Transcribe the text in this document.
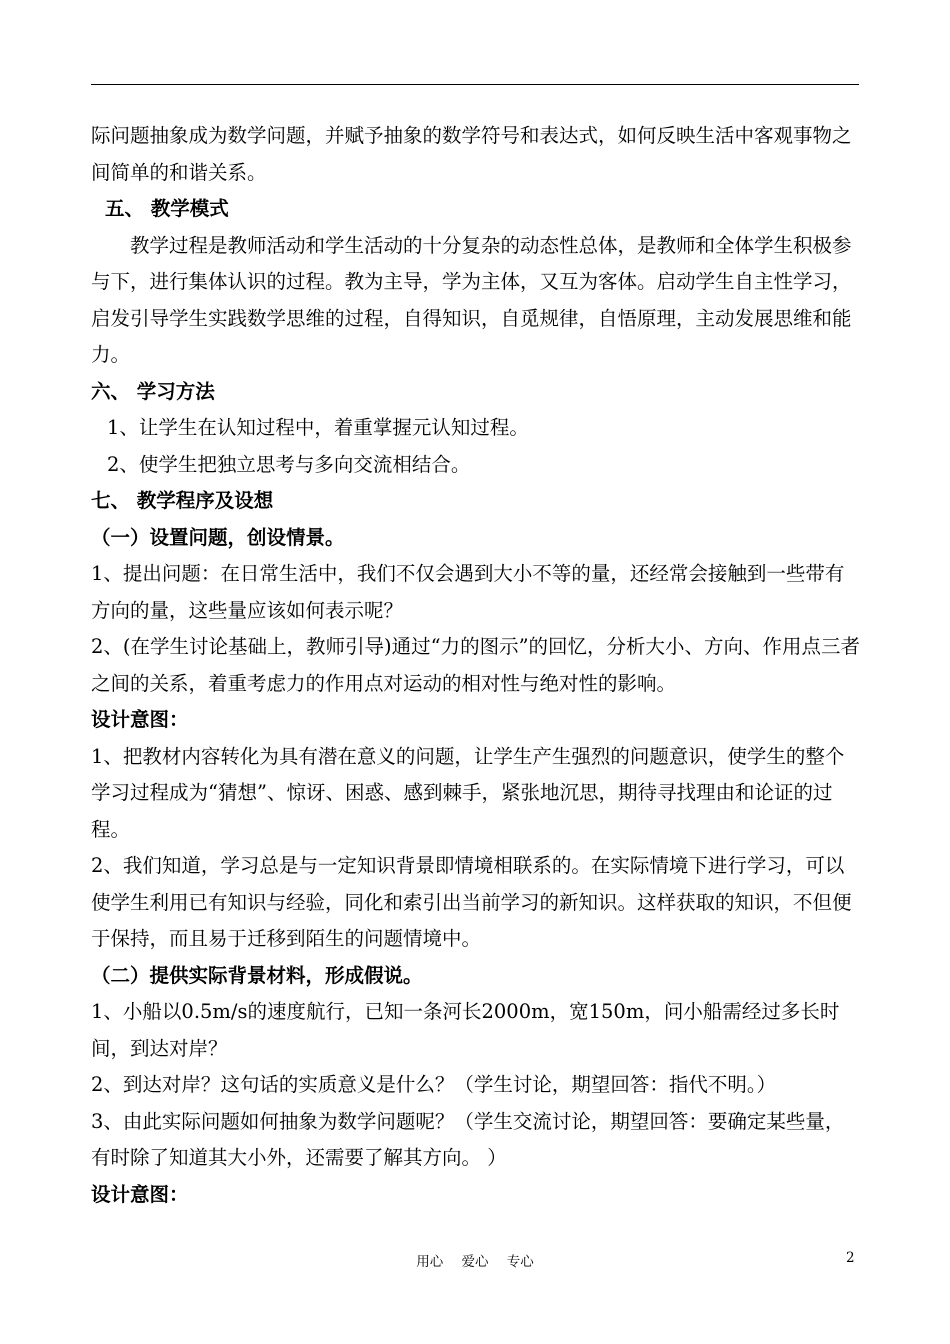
际问题抽象成为数学问题，并赋予抽象的数学符号和表达式，如何反映生活中客观事物之间简单的和谐关系。

五、 教学模式

教学过程是教师活动和学生活动的十分复杂的动态性总体，是教师和全体学生积极参与下，进行集体认识的过程。教为主导，学为主体，又互为客体。启动学生自主性学习，启发引导学生实践数学思维的过程，自得知识，自觅规律，自悟原理，主动发展思维和能力。

六、 学习方法

1、让学生在认知过程中，着重掌握元认知过程。

2、使学生把独立思考与多向交流相结合。

七、 教学程序及设想

（一）设置问题，创设情景。

1、提出问题：在日常生活中，我们不仅会遇到大小不等的量，还经常会接触到一些带有方向的量，这些量应该如何表示呢？

2、(在学生讨论基础上，教师引导)通过“力的图示”的回忆，分析大小、方向、作用点三者之间的关系，着重考虑力的作用点对运动的相对性与绝对性的影响。

设计意图：

1、把教材内容转化为具有潜在意义的问题，让学生产生强烈的问题意识，使学生的整个学习过程成为“猜想”、惊讶、困惑、感到棘手，紧张地沉思，期待寻找理由和论证的过程。

2、我们知道，学习总是与一定知识背景即情境相联系的。在实际情境下进行学习，可以使学生利用已有知识与经验，同化和索引出当前学习的新知识。这样获取的知识，不但便于保持，而且易于迁移到陌生的问题情境中。

（二）提供实际背景材料，形成假说。

1、小船以0.5m/s的速度航行，已知一条河长2000m，宽150m，问小船需经过多长时间，到达对岸？

2、到达对岸？这句话的实质意义是什么？（学生讨论，期望回答：指代不明。）

3、由此实际问题如何抽象为数学问题呢？（学生交流讨论，期望回答：要确定某些量，有时除了知道其大小外，还需要了解其方向。 ）

设计意图：

用心 爱心 专心	2
